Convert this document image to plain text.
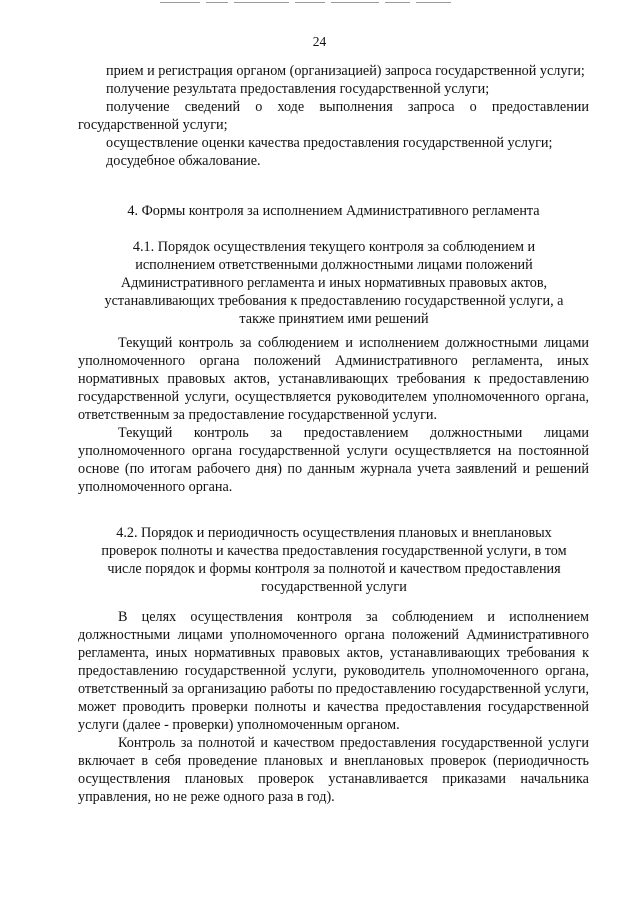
24

прием и регистрация органом (организацией) запроса государственной услуги;

получение результата предоставления государственной услуги;

получение сведений о ходе выполнения запроса о предоставлении государственной услуги;

осуществление оценки качества предоставления государственной услуги;

досудебное обжалование.

4. Формы контроля за исполнением Административного регламента
4.1. Порядок осуществления текущего контроля за соблюдением и исполнением ответственными должностными лицами положений Административного регламента и иных нормативных правовых актов, устанавливающих требования к предоставлению государственной услуги, а также принятием ими решений

Текущий контроль за соблюдением и исполнением должностными лицами уполномоченного органа положений Административного регламента, иных нормативных правовых актов, устанавливающих требования к предоставлению государственной услуги, осуществляется руководителем уполномоченного органа, ответственным за предоставление государственной услуги.

Текущий контроль за предоставлением должностными лицами уполномоченного органа государственной услуги осуществляется на постоянной основе (по итогам рабочего дня) по данным журнала учета заявлений и решений уполномоченного органа.

4.2. Порядок и периодичность осуществления плановых и внеплановых проверок полноты и качества предоставления государственной услуги, в том числе порядок и формы контроля за полнотой и качеством предоставления государственной услуги

В целях осуществления контроля за соблюдением и исполнением должностными лицами уполномоченного органа положений Административного регламента, иных нормативных правовых актов, устанавливающих требования к предоставлению государственной услуги, руководитель уполномоченного органа, ответственный за организацию работы по предоставлению государственной услуги, может проводить проверки полноты и качества предоставления государственной услуги (далее - проверки) уполномоченным органом.

Контроль за полнотой и качеством предоставления государственной услуги включает в себя проведение плановых и внеплановых проверок (периодичность осуществления плановых проверок устанавливается приказами начальника управления, но не реже одного раза в год).
